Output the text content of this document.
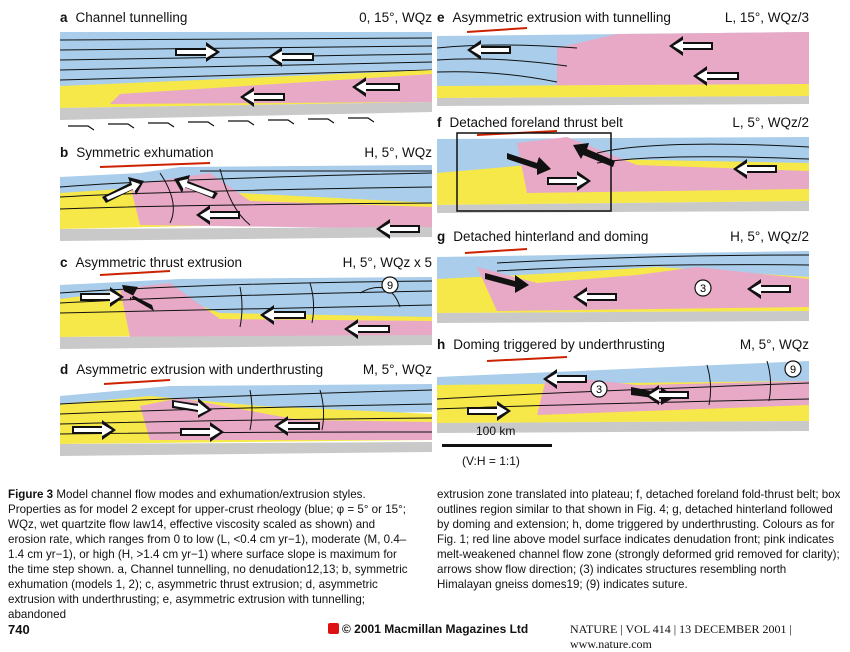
a Channel tunnelling	0, 15°, WQz
b Symmetric exhumation	H, 5°, WQz
c Asymmetric thrust extrusion	H, 5°, WQz x 5
9
d Asymmetric extrusion with underthrusting	M, 5°, WQz
e Asymmetric extrusion with tunnelling	L, 15°, WQz/3
f Detached foreland thrust belt	L, 5°, WQz/2
g Detached hinterland and doming	H, 5°, WQz/2
3
h Doming triggered by underthrusting	M, 5°, WQz
3
9
100 km
(V:H = 1:1)
Figure 3 Model channel flow modes and exhumation/extrusion styles. Properties as for model 2 except for upper-crust rheology (blue; φ = 5° or 15°; WQz, wet quartzite flow law14, effective viscosity scaled as shown) and erosion rate, which ranges from 0 to low (L, <0.4 cm yr−1), moderate (M, 0.4–1.4 cm yr−1), or high (H, >1.4 cm yr−1) where surface slope is maximum for the time step shown. a, Channel tunnelling, no denudation12,13; b, symmetric exhumation (models 1, 2); c, asymmetric thrust extrusion; d, asymmetric extrusion with underthrusting; e, asymmetric extrusion with tunnelling; abandoned
extrusion zone translated into plateau; f, detached foreland fold-thrust belt; box outlines region similar to that shown in Fig. 4; g, detached hinterland followed by doming and extension; h, dome triggered by underthrusting. Colours as for Fig. 1; red line above model surface indicates denudation front; pink indicates melt-weakened channel flow zone (strongly deformed grid removed for clarity); arrows show flow direction; (3) indicates structures resembling north Himalayan gneiss domes19; (9) indicates suture.
740	© 2001 Macmillan Magazines Ltd	NATURE | VOL 414 | 13 DECEMBER 2001 | www.nature.com
